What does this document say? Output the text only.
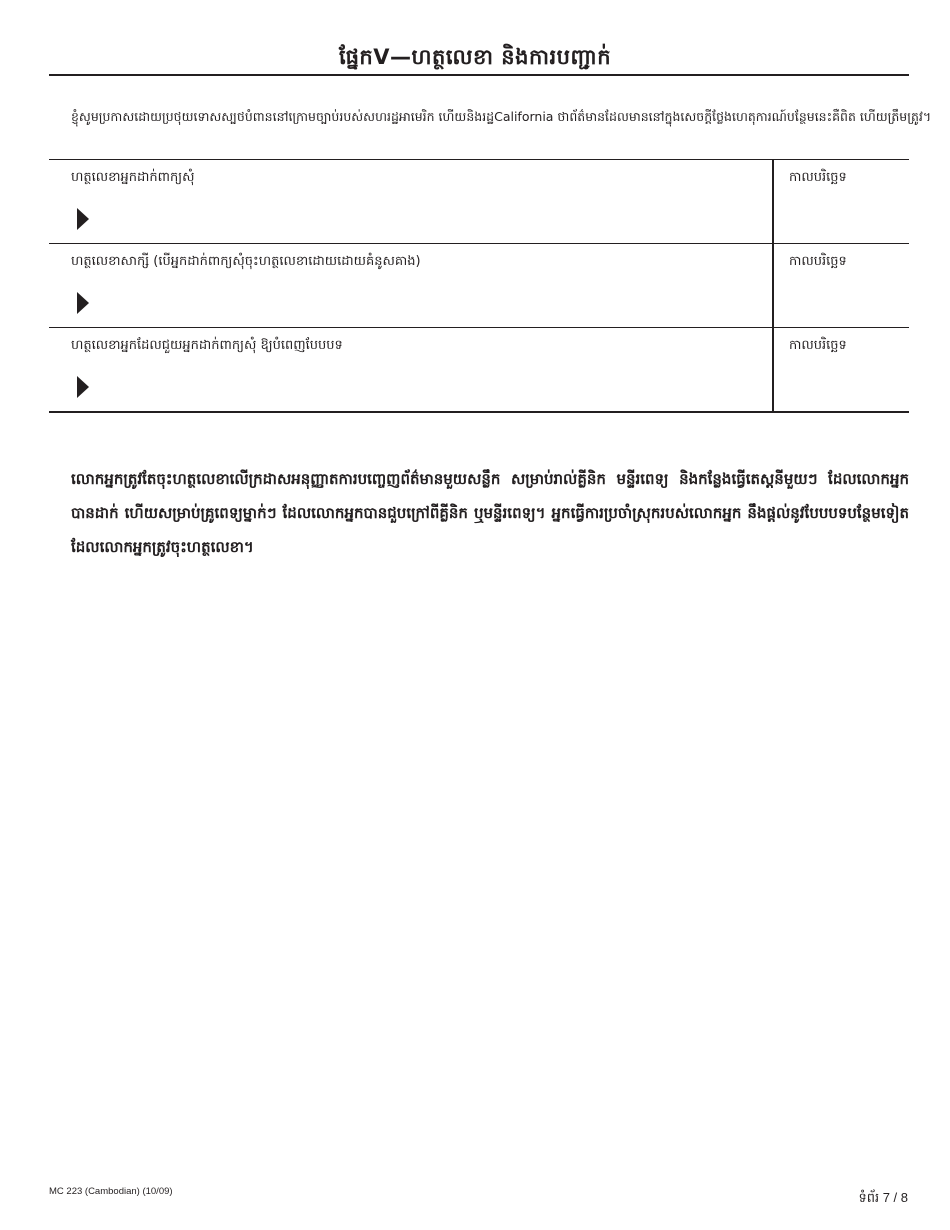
ផ្នែកV—ហត្ថលេខា និងការបញ្ជាក់
ខ្ញុំសូមប្រកាសដោយប្រថុយទោសស្បថបំពាននៅក្រោមច្បាប់របស់សហរដ្ឋអាមេរិក ហើយនិងរដ្ឋCalifornia ថាព័ត៌មានដែលមាននៅក្នុងសេចក្តីថ្លែងហេតុការណ៍បន្ថែមនេះគឺពិត ហើយត្រឹមត្រូវ។
ហត្ថលេខាអ្នកដាក់ពាក្យសុំ	កាលបរិច្ឆេទ

ហត្ថលេខាសាក្សី (បើអ្នកដាក់ពាក្យសុំចុះហត្ថលេខាដោយដោយគំនូសគាង)	កាលបរិច្ឆេទ

ហត្ថលេខាអ្នកដែលជួយអ្នកដាក់ពាក្យសុំ ឱ្យបំពេញបែបបទ	កាលបរិច្ឆេទ
លោកអ្នកត្រូវតែចុះហត្ថលេខាលើក្រដាសអនុញ្ញាតការបញ្ចេញព័ត៌មានមួយសន្លឹក សម្រាប់រាល់គ្លីនិក មន្ទីរពេទ្យ និងកន្លែងធ្វើតេស្តនីមួយៗ ដែលលោកអ្នកបានដាក់ ហើយសម្រាប់គ្រូពេទ្យម្នាក់ៗ ដែលលោកអ្នកបានជួបក្រៅពីគ្លីនិក ឬមន្ទីរពេទ្យ។ អ្នកធ្វើការប្រចាំស្រុករបស់លោកអ្នក នឹងផ្តល់នូវបែបបទបន្ថែមទៀត ដែលលោកអ្នកត្រូវចុះហត្ថលេខា។
MC 223 (Cambodian) (10/09)	ទំព័រ 7 / 8
